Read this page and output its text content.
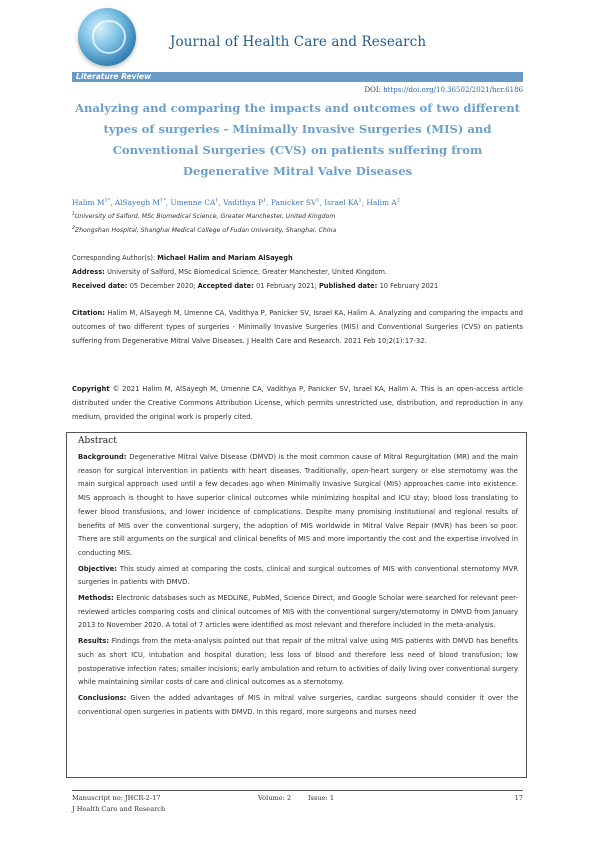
Journal of Health Care and Research
Literature Review
DOI: https://doi.org/10.36502/2021/hcr.6186
Analyzing and comparing the impacts and outcomes of two different types of surgeries - Minimally Invasive Surgeries (MIS) and Conventional Surgeries (CVS) on patients suffering from Degenerative Mitral Valve Diseases
Halim $M^{1*}$, AlSayegh $M^{1*}$, Umenne $CA^1$, Vadithya $P^1$, Panicker $SV^1$, Israel $KA^1$, Halim $A^2$
$^1$University of Salford, MSc Biomedical Science, Greater Manchester, United Kingdom
$^2$Zhongshan Hospital, Shanghai Medical College of Fudan University, Shanghai, China
Corresponding Author(s): Michael Halim and Mariam AlSayegh
Address: University of Salford, MSc Biomedical Science, Greater Manchester, United Kingdom.
Received date: 05 December 2020; Accepted date: 01 February 2021; Published date: 10 February 2021
Citation: Halim M, AlSayegh M, Umenne CA, Vadithya P, Panicker SV, Israel KA, Halim A. Analyzing and comparing the impacts and outcomes of two different types of surgeries - Minimally Invasive Surgeries (MIS) and Conventional Surgeries (CVS) on patients suffering from Degenerative Mitral Valve Diseases. J Health Care and Research. 2021 Feb 10;2(1):17-32.
Copyright © 2021 Halim M, AlSayegh M, Umenne CA, Vadithya P, Panicker SV, Israel KA, Halim A. This is an open-access article distributed under the Creative Commons Attribution License, which permits unrestricted use, distribution, and reproduction in any medium, provided the original work is properly cited.
Abstract

Background: Degenerative Mitral Valve Disease (DMVD) is the most common cause of Mitral Regurgitation (MR) and the main reason for surgical intervention in patients with heart diseases. Traditionally, open-heart surgery or else sternotomy was the main surgical approach used until a few decades ago when Minimally Invasive Surgical (MIS) approaches came into existence. MIS approach is thought to have superior clinical outcomes while minimizing hospital and ICU stay; blood loss translating to fewer blood transfusions, and lower incidence of complications. Despite many promising institutional and regional results of benefits of MIS over the conventional surgery, the adoption of MIS worldwide in Mitral Valve Repair (MVR) has been so poor. There are still arguments on the surgical and clinical benefits of MIS and more importantly the cost and the expertise involved in conducting MIS.

Objective: This study aimed at comparing the costs, clinical and surgical outcomes of MIS with conventional sternotomy MVR surgeries in patients with DMVD.

Methods: Electronic databases such as MEDLINE, PubMed, Science Direct, and Google Scholar were searched for relevant peer-reviewed articles comparing costs and clinical outcomes of MIS with the conventional surgery/sternotomy in DMVD from January 2013 to November 2020. A total of 7 articles were identified as most relevant and therefore included in the meta-analysis.

Results: Findings from the meta-analysis pointed out that repair of the mitral valve using MIS patients with DMVD has benefits such as short ICU, intubation and hospital duration; less loss of blood and therefore less need of blood transfusion; low postoperative infection rates; smaller incisions; early ambulation and return to activities of daily living over conventional surgery while maintaining similar costs of care and clinical outcomes as a sternotomy.

Conclusions: Given the added advantages of MIS in mitral valve surgeries, cardiac surgeons should consider it over the conventional open surgeries in patients with DMVD. In this regard, more surgeons and nurses need

Manuscript no: JHCR-2-17	Volume: 2	Issue: 1	17
J Health Care and Research
